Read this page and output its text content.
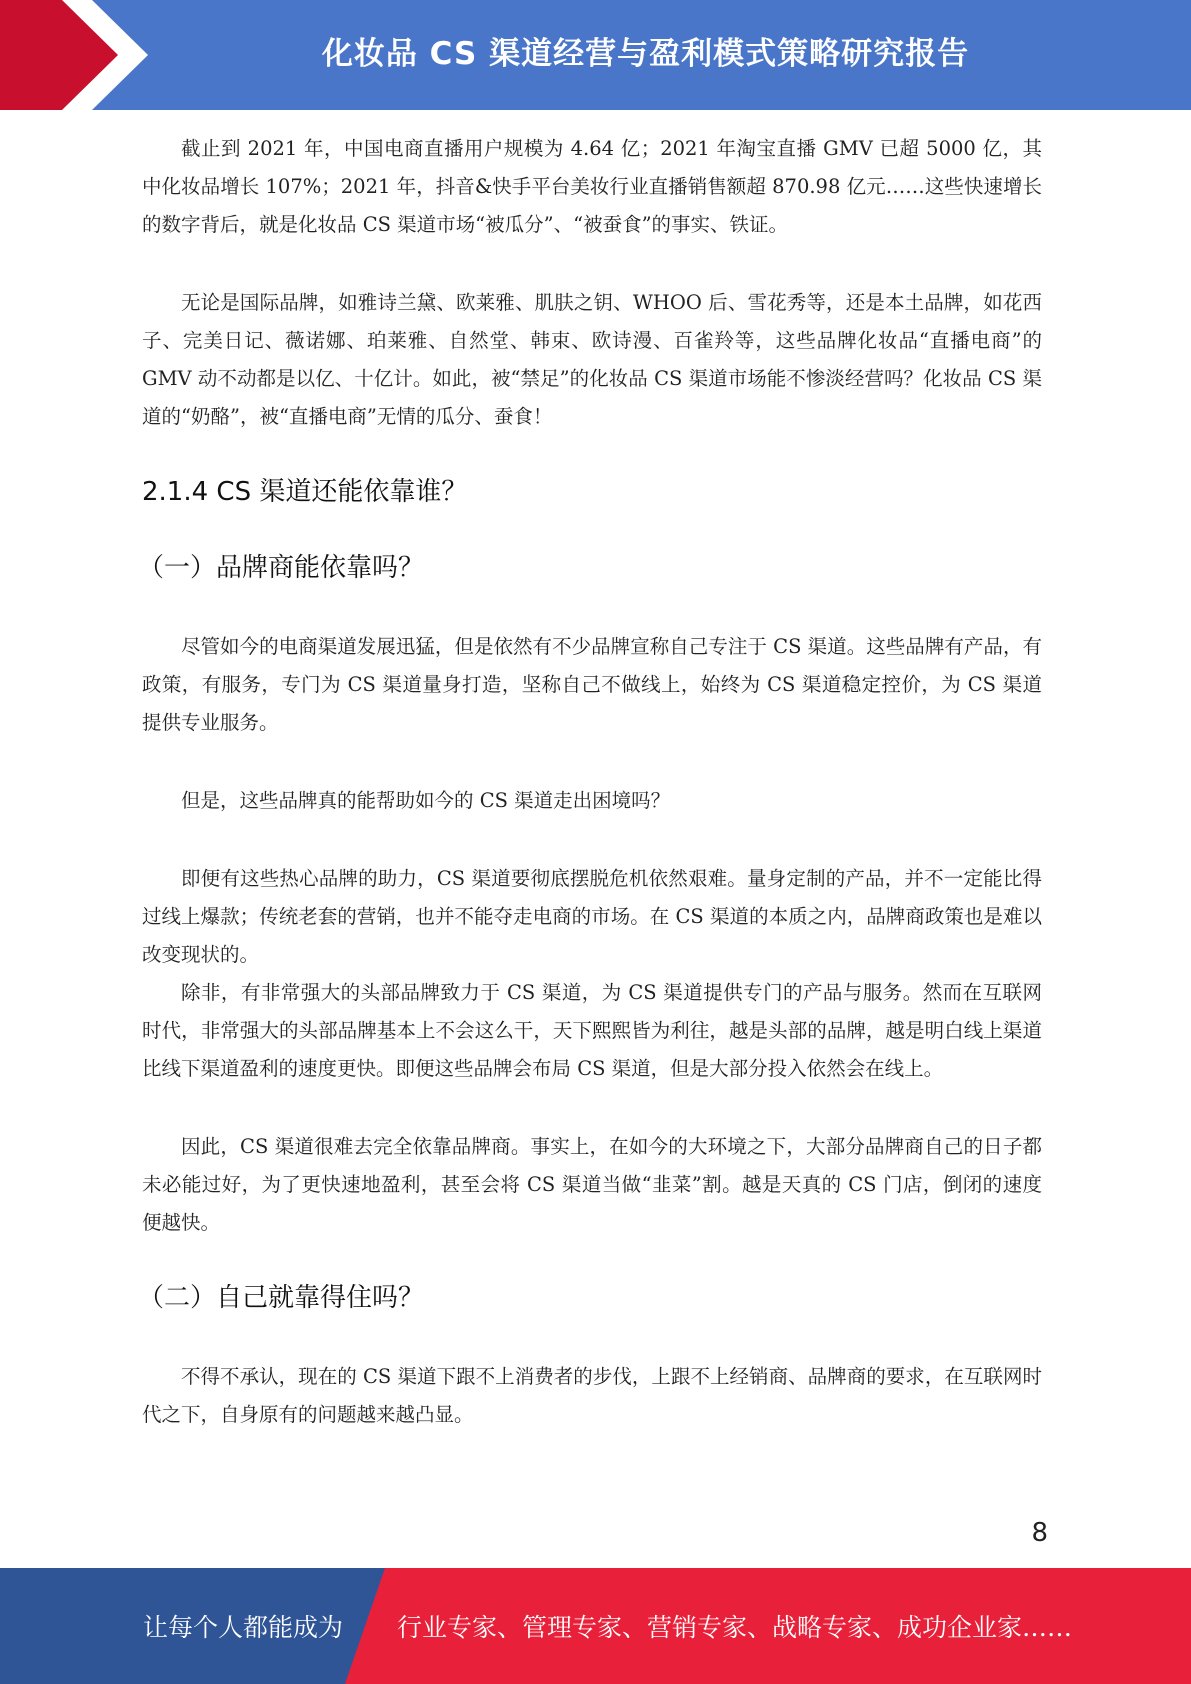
化妆品 CS 渠道经营与盈利模式策略研究报告

截止到 2021 年，中国电商直播用户规模为 4.64 亿；2021 年淘宝直播 GMV 已超 5000 亿，其中化妆品增长 107%；2021 年，抖音&快手平台美妆行业直播销售额超 870.98 亿元……这些快速增长的数字背后，就是化妆品 CS 渠道市场“被瓜分”、“被蚕食”的事实、铁证。

无论是国际品牌，如雅诗兰黛、欧莱雅、肌肤之钥、WHOO 后、雪花秀等，还是本土品牌，如花西子、完美日记、薇诺娜、珀莱雅、自然堂、韩束、欧诗漫、百雀羚等，这些品牌化妆品“直播电商”的 GMV 动不动都是以亿、十亿计。如此，被“禁足”的化妆品 CS 渠道市场能不惨淡经营吗？化妆品 CS 渠道的“奶酪”，被“直播电商”无情的瓜分、蚕食！

2.1.4 CS 渠道还能依靠谁？
（一）品牌商能依靠吗？

尽管如今的电商渠道发展迅猛，但是依然有不少品牌宣称自己专注于 CS 渠道。这些品牌有产品，有政策，有服务，专门为 CS 渠道量身打造，坚称自己不做线上，始终为 CS 渠道稳定控价，为 CS 渠道提供专业服务。

但是，这些品牌真的能帮助如今的 CS 渠道走出困境吗？

即便有这些热心品牌的助力，CS 渠道要彻底摆脱危机依然艰难。量身定制的产品，并不一定能比得过线上爆款；传统老套的营销，也并不能夺走电商的市场。在 CS 渠道的本质之内，品牌商政策也是难以改变现状的。

除非，有非常强大的头部品牌致力于 CS 渠道，为 CS 渠道提供专门的产品与服务。然而在互联网时代，非常强大的头部品牌基本上不会这么干，天下熙熙皆为利往，越是头部的品牌，越是明白线上渠道比线下渠道盈利的速度更快。即便这些品牌会布局 CS 渠道，但是大部分投入依然会在线上。

因此，CS 渠道很难去完全依靠品牌商。事实上，在如今的大环境之下，大部分品牌商自己的日子都未必能过好，为了更快速地盈利，甚至会将 CS 渠道当做“韭菜”割。越是天真的 CS 门店，倒闭的速度便越快。

（二）自己就靠得住吗？

不得不承认，现在的 CS 渠道下跟不上消费者的步伐，上跟不上经销商、品牌商的要求，在互联网时代之下，自身原有的问题越来越凸显。

8
让每个人都能成为 行业专家、管理专家、营销专家、战略专家、成功企业家……
